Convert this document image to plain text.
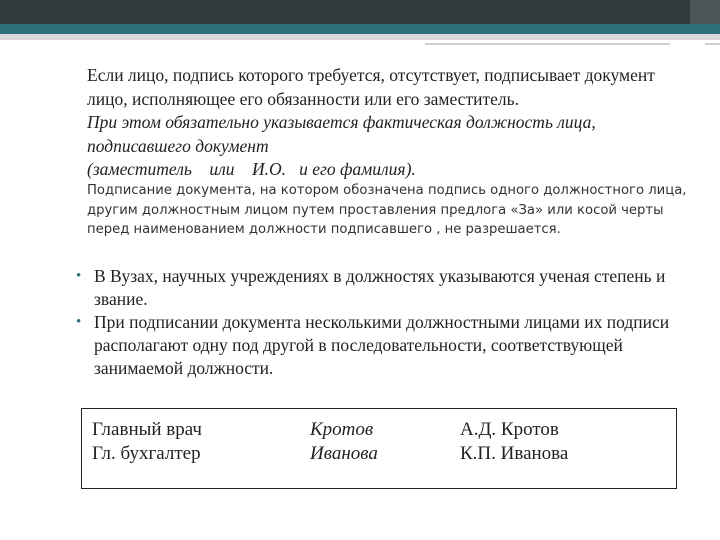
Если лицо, подпись которого требуется, отсутствует, подписывает документ лицо, исполняющее его обязанности или его заместитель.

При этом обязательно указывается фактическая должность лица,
подписавшего документ
(заместитель    или    И.О.   и его фамилия).

Подписание документа, на котором обозначена подпись одного должностного лица, другим должностным лицом путем проставления предлога «За» или косой черты перед наименованием должности подписавшего , не разрешается.

• В Вузах, научных учреждениях в должностях указываются ученая степень и звание.
• При подписании документа несколькими должностными лицами их подписи располагают одну под другой в последовательности, соответствующей занимаемой должности.
Главный врач	Кротов	А.Д. Кротов
Гл. бухгалтер	Иванова	К.П. Иванова
